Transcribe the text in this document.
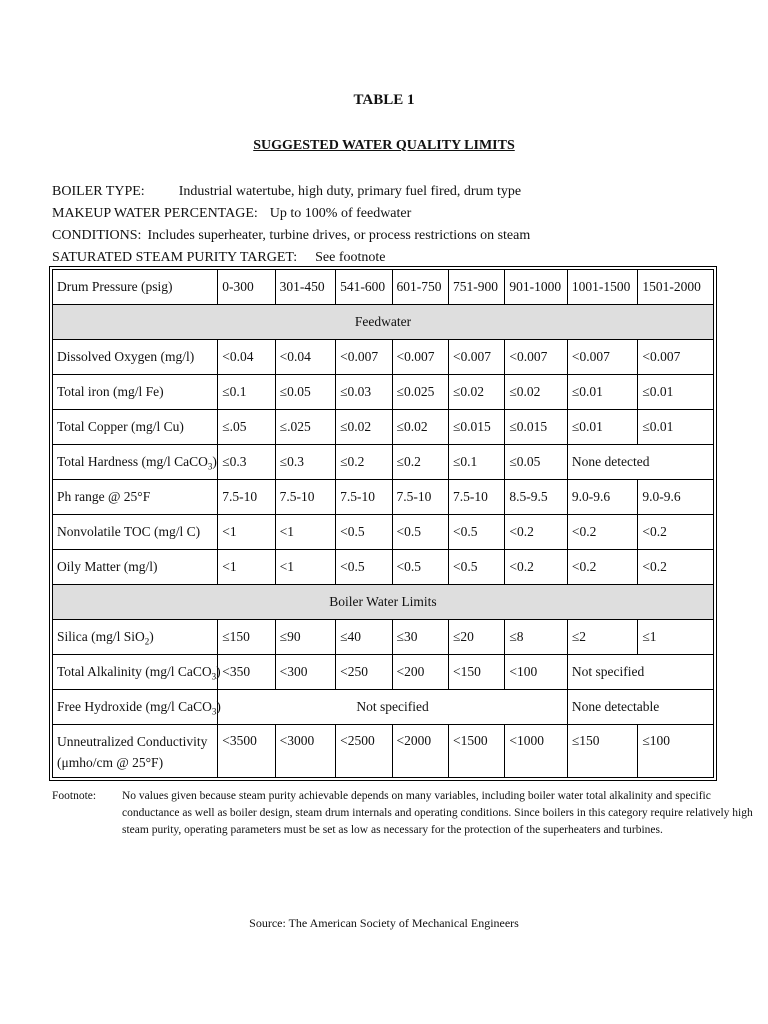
TABLE 1
SUGGESTED WATER QUALITY LIMITS
BOILER TYPE: Industrial watertube, high duty, primary fuel fired, drum type
MAKEUP WATER PERCENTAGE: Up to 100% of feedwater
CONDITIONS: Includes superheater, turbine drives, or process restrictions on steam
SATURATED STEAM PURITY TARGET: See footnote
Drum Pressure (psig)	0-300	301-450	541-600	601-750	751-900	901-1000	1001-1500	1501-2000
Feedwater								
Dissolved Oxygen (mg/l)	<0.04	<0.04	<0.007	<0.007	<0.007	<0.007	<0.007	<0.007
Total iron (mg/l Fe)	≤0.1	≤0.05	≤0.03	≤0.025	≤0.02	≤0.02	≤0.01	≤0.01
Total Copper (mg/l Cu)	≤.05	≤.025	≤0.02	≤0.02	≤0.015	≤0.015	≤0.01	≤0.01
Total Hardness (mg/l CaCO$_3$)	≤0.3	≤0.3	≤0.2	≤0.2	≤0.1	≤0.05	None detected	
Ph range @ 25°F	7.5-10	7.5-10	7.5-10	7.5-10	7.5-10	8.5-9.5	9.0-9.6	9.0-9.6
Nonvolatile TOC (mg/l C)	<1	<1	<0.5	<0.5	<0.5	<0.2	<0.2	<0.2
Oily Matter (mg/l)	<1	<1	<0.5	<0.5	<0.5	<0.2	<0.2	<0.2
Boiler Water Limits								
Silica (mg/l SiO$_2$)	≤150	≤90	≤40	≤30	≤20	≤8	≤2	≤1
Total Alkalinity (mg/l CaCO$_3$)	<350	<300	<250	<200	<150	<100	Not specified	
Free Hydroxide (mg/l CaCO$_3$)	Not specified						None detectable	
Unneutralized Conductivity
(μmho/cm @ 25°F)	<3500	<3000	<2500	<2000	<1500	<1000	≤150	≤100
Footnote:	No values given because steam purity achievable depends on many variables, including boiler water total alkalinity and specific conductance as well as boiler design, steam drum internals and operating conditions. Since boilers in this category require relatively high steam purity, operating parameters must be set as low as necessary for the protection of the superheaters and turbines.
Source: The American Society of Mechanical Engineers
